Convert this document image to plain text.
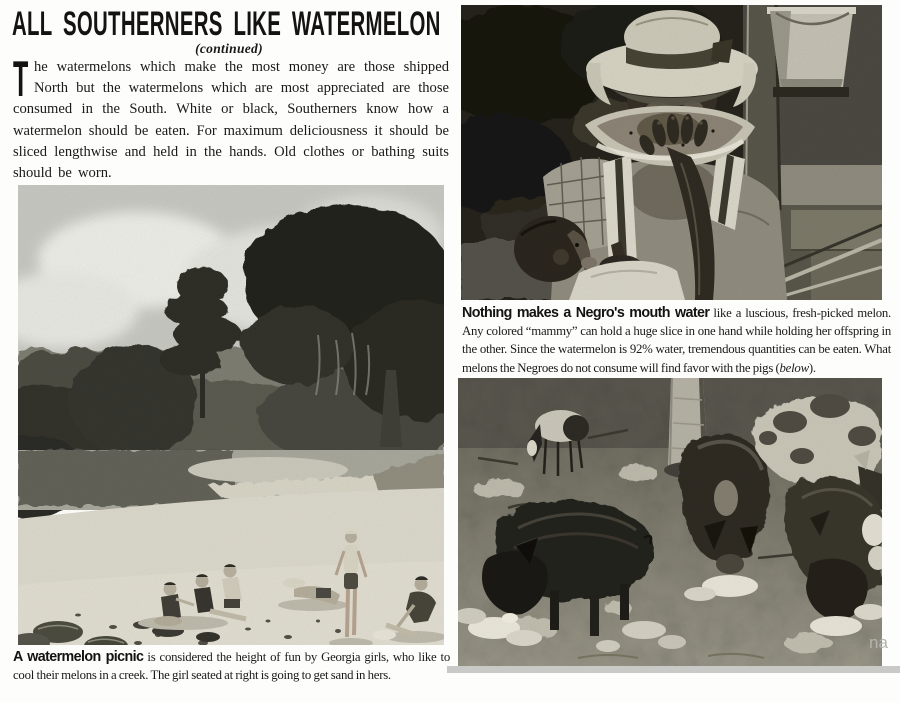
ALL SOUTHERNERS LIKE WATERMELON
(continued)

The watermelons which make the most money are those shipped North but the watermelons which are most appreciated are those consumed in the South. White or black, Southerners know how a watermelon should be eaten. For maximum deliciousness it should be sliced lengthwise and held in the hands. Old clothes or bathing suits should be worn.

A watermelon picnic is considered the height of fun by Georgia girls, who like to cool their melons in a creek. The girl seated at right is going to get sand in hers.

Nothing makes a Negro's mouth water like a luscious, fresh-picked melon. Any colored “mammy” can hold a huge slice in one hand while holding her offspring in the other. Since the watermelon is 92% water, tremendous quantities can be eaten. What melons the Negroes do not consume will find favor with the pigs (below).

na
